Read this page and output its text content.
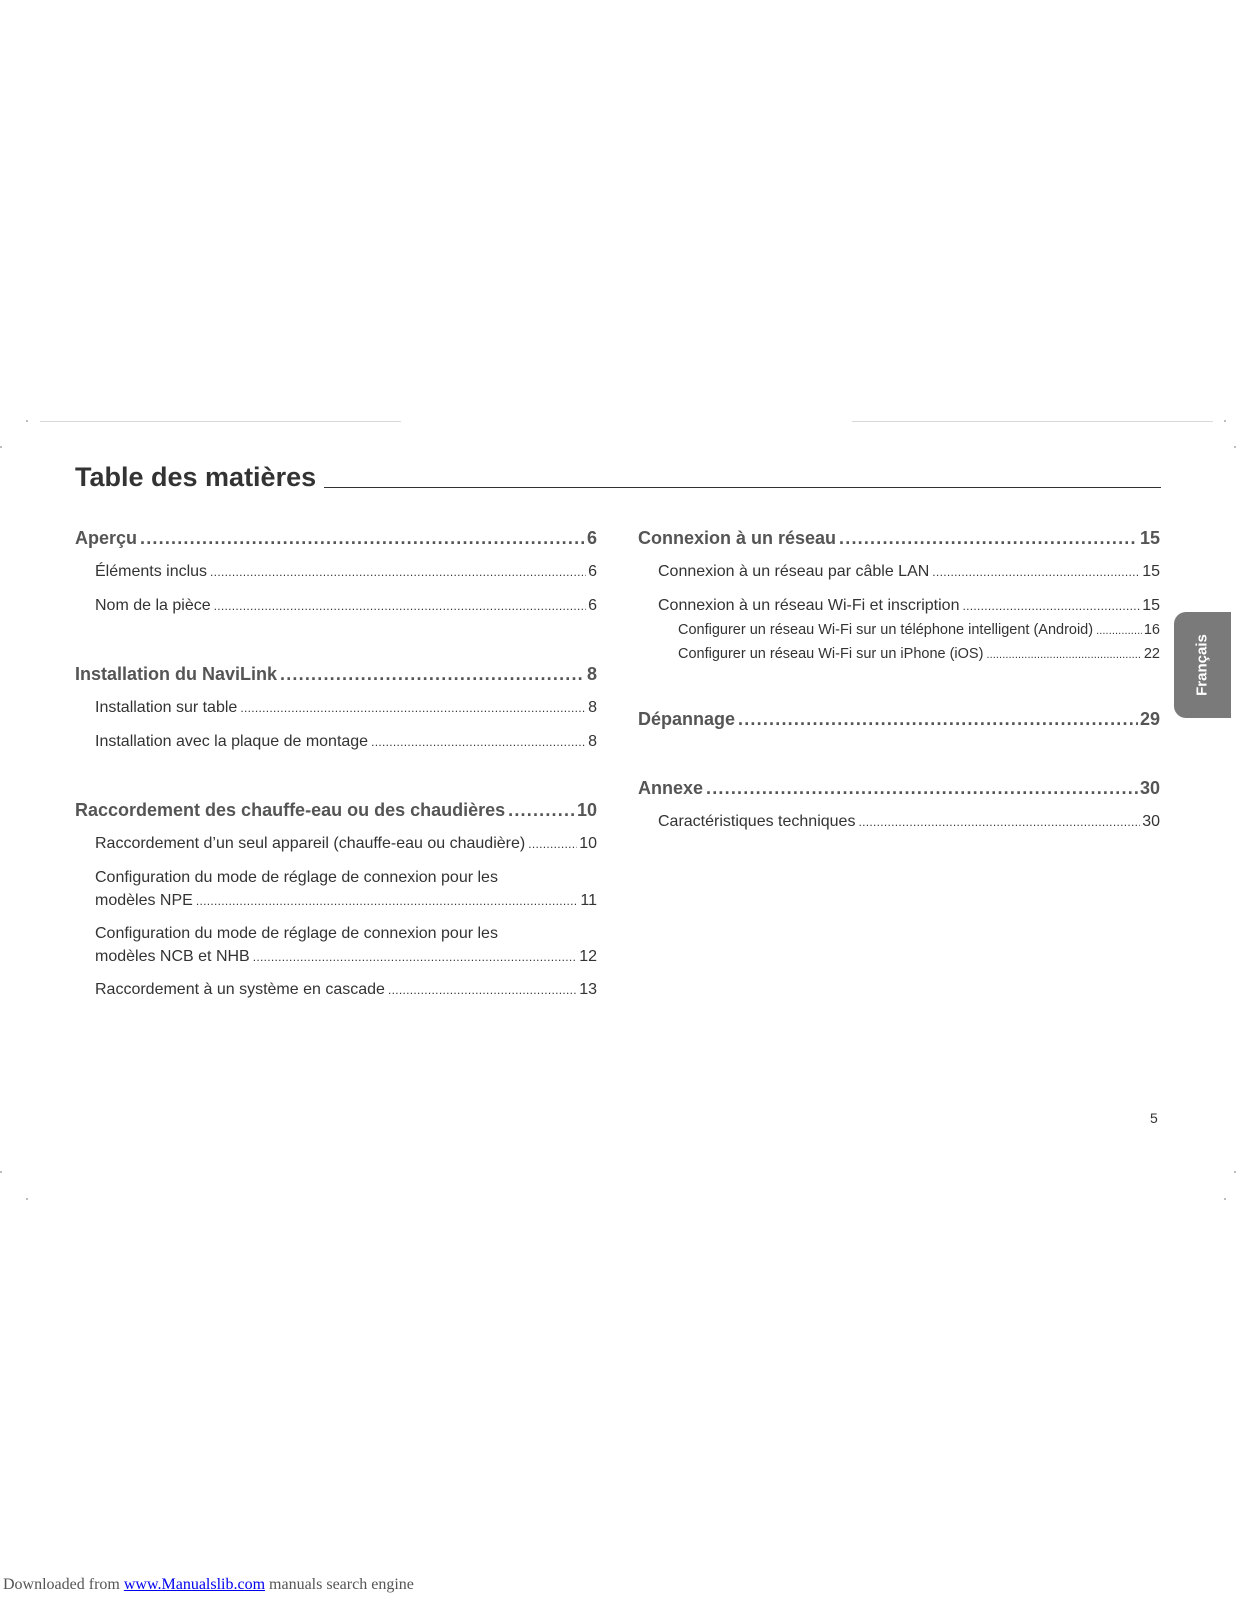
Table des matières
Aperçu .....	6
Éléments inclus .....	6
Nom de la pièce .....	6
Installation du NaviLink .....	8
Installation sur table .....	8
Installation avec la plaque de montage .....	8
Raccordement des chauffe-eau ou des chaudières .....	10
Raccordement d’un seul appareil (chauffe-eau ou chaudière) .....	10
Configuration du mode de réglage de connexion pour les
modèles NPE .....	11
Configuration du mode de réglage de connexion pour les
modèles NCB et NHB .....	12
Raccordement à un système en cascade .....	13
Connexion à un réseau .....	15
Connexion à un réseau par câble LAN .....	15
Connexion à un réseau Wi-Fi et inscription .....	15
Configurer un réseau Wi-Fi sur un téléphone intelligent (Android) .....	16
Configurer un réseau Wi-Fi sur un iPhone (iOS) .....	22
Dépannage .....	29
Annexe .....	30
Caractéristiques techniques .....	30
Français
5
Downloaded from www.Manualslib.com manuals search engine
